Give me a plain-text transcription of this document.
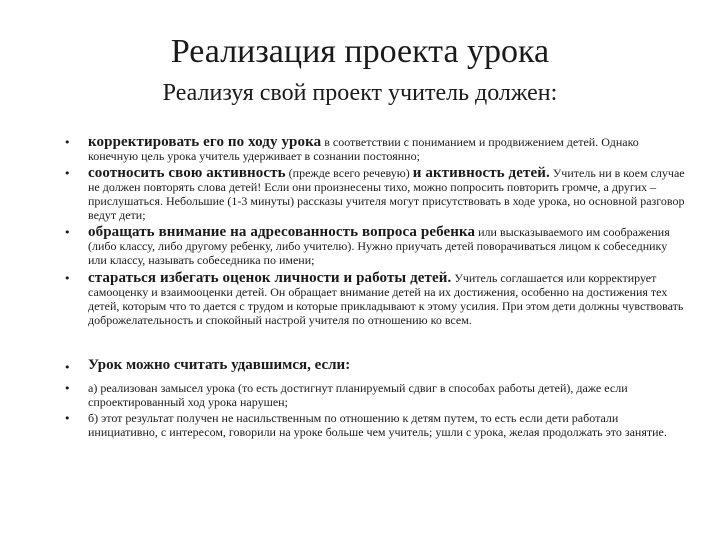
Реализация проекта урока
Реализуя свой проект учитель должен:
• корректировать его по ходу урока в соответствии с пониманием и продвижением детей. Однако конечную цель урока учитель удерживает в сознании постоянно;

• соотносить свою активность (прежде всего речевую) и активность детей. Учитель ни в коем случае не должен повторять слова детей! Если они произнесены тихо, можно попросить повторить громче, а других – прислушаться. Небольшие (1-3 минуты) рассказы учителя могут присутствовать в ходе урока, но основной разговор ведут дети;

• обращать внимание на адресованность вопроса ребенка или высказываемого им соображения (либо классу, либо другому ребенку, либо учителю). Нужно приучать детей поворачиваться лицом к собеседнику или классу, называть собеседника по имени;

• стараться избегать оценок личности и работы детей. Учитель соглашается или корректирует самооценку и взаимооценки детей. Он обращает внимание детей на их достижения, особенно на достижения тех детей, которым что то дается с трудом и которые прикладывают к этому усилия. При этом дети должны чувствовать доброжелательность и спокойный настрой учителя по отношению ко всем.

• Урок можно считать удавшимся, если:

• а) реализован замысел урока (то есть достигнут планируемый сдвиг в способах работы детей), даже если спроектированный ход урока нарушен;

• б) этот результат получен не насильственным по отношению к детям путем, то есть если дети работали инициативно, с интересом, говорили на уроке больше чем учитель; ушли с урока, желая продолжать это занятие.
